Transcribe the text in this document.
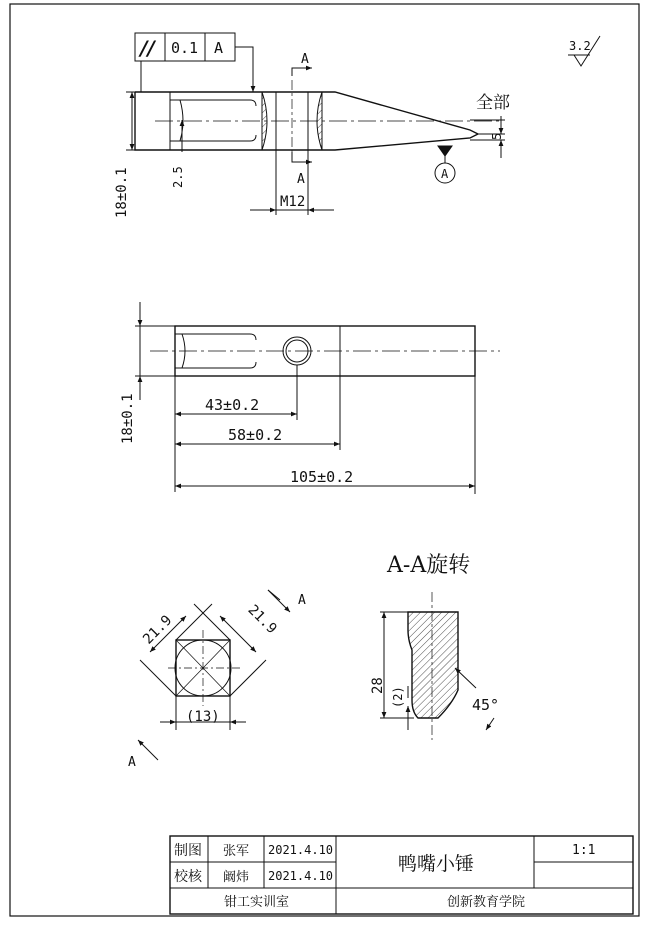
// 0.1 A	3.2
A
A
全部
5
2.5
18±0.1	M12
A
18±0.1	43±0.2
58±0.2
105±0.2
21.9	21.9
(13)
A
A
A-A旋转
28
(2)	45°
制图 张军 2021.4.10
校核 阚炜 2021.4.10
鸭嘴小锤
1:1
钳工实训室	创新教育学院
